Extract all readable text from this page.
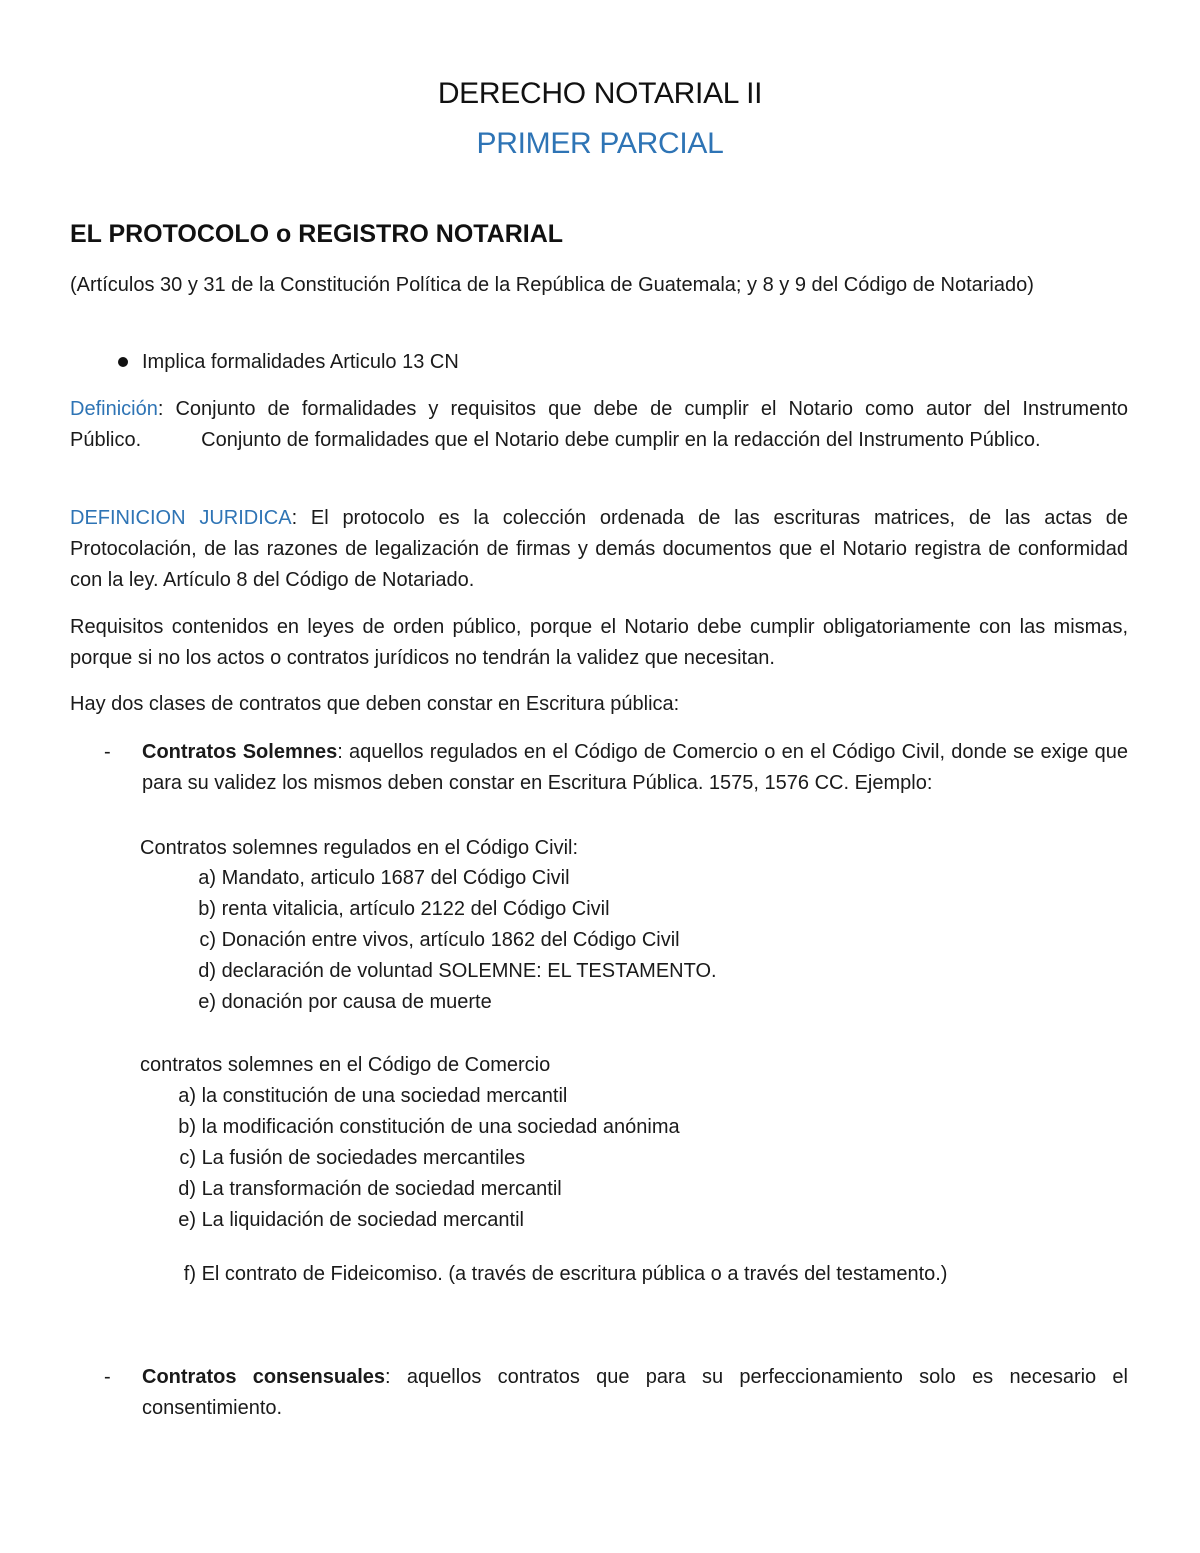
DERECHO NOTARIAL II
PRIMER PARCIAL
EL PROTOCOLO o REGISTRO NOTARIAL
(Artículos 30 y 31 de la Constitución Política de la República de Guatemala; y 8 y 9 del Código de Notariado)
Implica formalidades Articulo 13 CN
Definición: Conjunto de formalidades y requisitos que debe de cumplir el Notario como autor del Instrumento Público.   Conjunto de formalidades que el Notario debe cumplir en la redacción del Instrumento Público.
DEFINICION JURIDICA: El protocolo es la colección ordenada de las escrituras matrices, de las actas de Protocolación, de las razones de legalización de firmas y demás documentos que el Notario registra de conformidad con la ley. Artículo 8 del Código de Notariado.
Requisitos contenidos en leyes de orden público, porque el Notario debe cumplir obligatoriamente con las mismas, porque si no los actos o contratos jurídicos no tendrán la validez que necesitan.
Hay dos clases de contratos que deben constar en Escritura pública:
- Contratos Solemnes: aquellos regulados en el Código de Comercio o en el Código Civil, donde se exige que para su validez los mismos deben constar en Escritura Pública. 1575, 1576 CC. Ejemplo:
Contratos solemnes regulados en el Código Civil:
a) Mandato, articulo 1687 del Código Civil
b) renta vitalicia, artículo 2122 del Código Civil
c) Donación entre vivos, artículo 1862 del Código Civil
d) declaración de voluntad SOLEMNE: EL TESTAMENTO.
e) donación por causa de muerte
contratos solemnes en el Código de Comercio
a) la constitución de una sociedad mercantil
b) la modificación constitución de una sociedad anónima
c) La fusión de sociedades mercantiles
d) La transformación de sociedad mercantil
e) La liquidación de sociedad mercantil
f) El contrato de Fideicomiso. (a través de escritura pública o a través del testamento.)
- Contratos consensuales: aquellos contratos que para su perfeccionamiento solo es necesario el consentimiento.
